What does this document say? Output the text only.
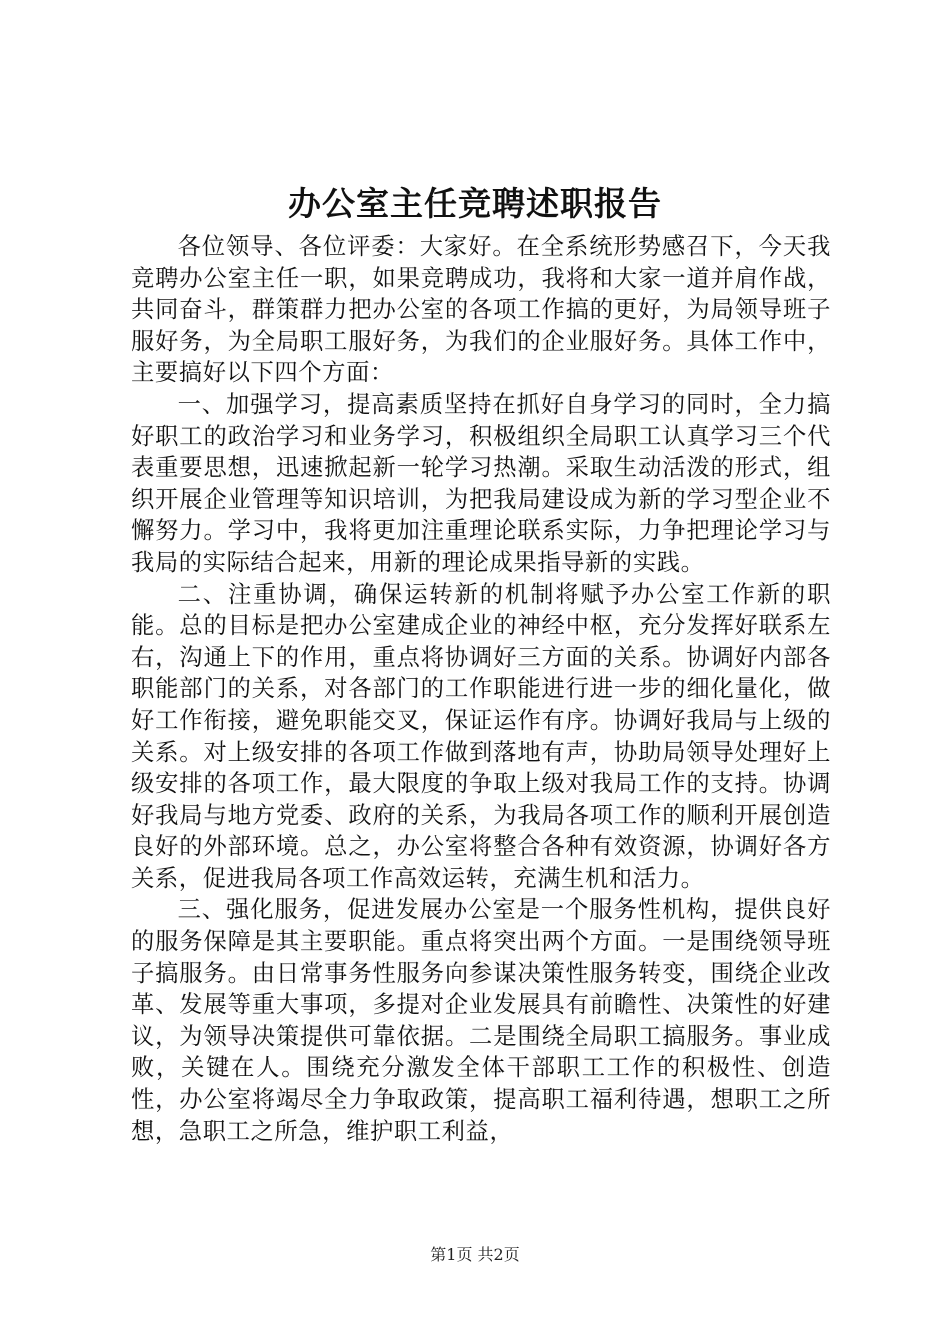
办公室主任竞聘述职报告

各位领导、各位评委：大家好。在全系统形势感召下，今天我竞聘办公室主任一职，如果竞聘成功，我将和大家一道并肩作战，共同奋斗，群策群力把办公室的各项工作搞的更好，为局领导班子服好务，为全局职工服好务，为我们的企业服好务。具体工作中，主要搞好以下四个方面：

一、加强学习，提高素质坚持在抓好自身学习的同时，全力搞好职工的政治学习和业务学习，积极组织全局职工认真学习三个代表重要思想，迅速掀起新一轮学习热潮。采取生动活泼的形式，组织开展企业管理等知识培训，为把我局建设成为新的学习型企业不懈努力。学习中，我将更加注重理论联系实际，力争把理论学习与我局的实际结合起来，用新的理论成果指导新的实践。

二、注重协调，确保运转新的机制将赋予办公室工作新的职能。总的目标是把办公室建成企业的神经中枢，充分发挥好联系左右，沟通上下的作用，重点将协调好三方面的关系。协调好内部各职能部门的关系，对各部门的工作职能进行进一步的细化量化，做好工作衔接，避免职能交叉，保证运作有序。协调好我局与上级的关系。对上级安排的各项工作做到落地有声，协助局领导处理好上级安排的各项工作，最大限度的争取上级对我局工作的支持。协调好我局与地方党委、政府的关系，为我局各项工作的顺利开展创造良好的外部环境。总之，办公室将整合各种有效资源，协调好各方关系，促进我局各项工作高效运转，充满生机和活力。

三、强化服务，促进发展办公室是一个服务性机构，提供良好的服务保障是其主要职能。重点将突出两个方面。一是围绕领导班子搞服务。由日常事务性服务向参谋决策性服务转变，围绕企业改革、发展等重大事项，多提对企业发展具有前瞻性、决策性的好建议，为领导决策提供可靠依据。二是围绕全局职工搞服务。事业成败，关键在人。围绕充分激发全体干部职工工作的积极性、创造性，办公室将竭尽全力争取政策，提高职工福利待遇，想职工之所想，急职工之所急，维护职工利益，

第1页 共2页
